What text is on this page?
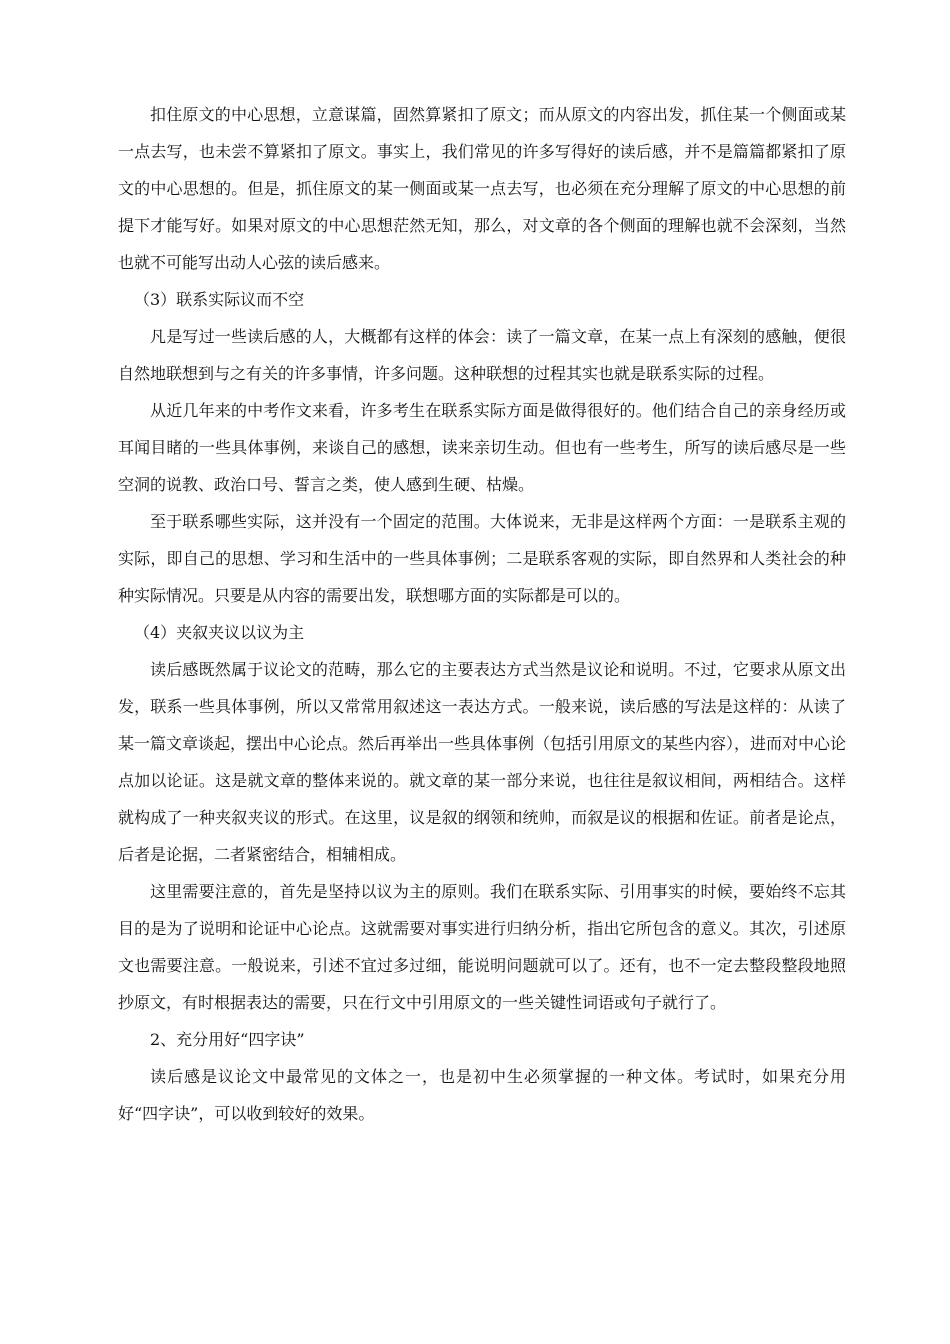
扣住原文的中心思想，立意谋篇，固然算紧扣了原文；而从原文的内容出发，抓住某一个侧面或某一点去写，也未尝不算紧扣了原文。事实上，我们常见的许多写得好的读后感，并不是篇篇都紧扣了原文的中心思想的。但是，抓住原文的某一侧面或某一点去写，也必须在充分理解了原文的中心思想的前提下才能写好。如果对原文的中心思想茫然无知，那么，对文章的各个侧面的理解也就不会深刻，当然也就不可能写出动人心弦的读后感来。

（3）联系实际议而不空

凡是写过一些读后感的人，大概都有这样的体会：读了一篇文章，在某一点上有深刻的感触，便很自然地联想到与之有关的许多事情，许多问题。这种联想的过程其实也就是联系实际的过程。

从近几年来的中考作文来看，许多考生在联系实际方面是做得很好的。他们结合自己的亲身经历或耳闻目睹的一些具体事例，来谈自己的感想，读来亲切生动。但也有一些考生，所写的读后感尽是一些空洞的说教、政治口号、誓言之类，使人感到生硬、枯燥。

至于联系哪些实际，这并没有一个固定的范围。大体说来，无非是这样两个方面：一是联系主观的实际，即自己的思想、学习和生活中的一些具体事例；二是联系客观的实际，即自然界和人类社会的种种实际情况。只要是从内容的需要出发，联想哪方面的实际都是可以的。

（4）夹叙夹议以议为主

读后感既然属于议论文的范畴，那么它的主要表达方式当然是议论和说明。不过，它要求从原文出发，联系一些具体事例，所以又常常用叙述这一表达方式。一般来说，读后感的写法是这样的：从读了某一篇文章谈起，摆出中心论点。然后再举出一些具体事例（包括引用原文的某些内容），进而对中心论点加以论证。这是就文章的整体来说的。就文章的某一部分来说，也往往是叙议相间，两相结合。这样就构成了一种夹叙夹议的形式。在这里，议是叙的纲领和统帅，而叙是议的根据和佐证。前者是论点，后者是论据，二者紧密结合，相辅相成。

这里需要注意的，首先是坚持以议为主的原则。我们在联系实际、引用事实的时候，要始终不忘其目的是为了说明和论证中心论点。这就需要对事实进行归纳分析，指出它所包含的意义。其次，引述原文也需要注意。一般说来，引述不宜过多过细，能说明问题就可以了。还有，也不一定去整段整段地照抄原文，有时根据表达的需要，只在行文中引用原文的一些关键性词语或句子就行了。

2、充分用好“四字诀”

读后感是议论文中最常见的文体之一，也是初中生必须掌握的一种文体。考试时，如果充分用好“四字诀”，可以收到较好的效果。
